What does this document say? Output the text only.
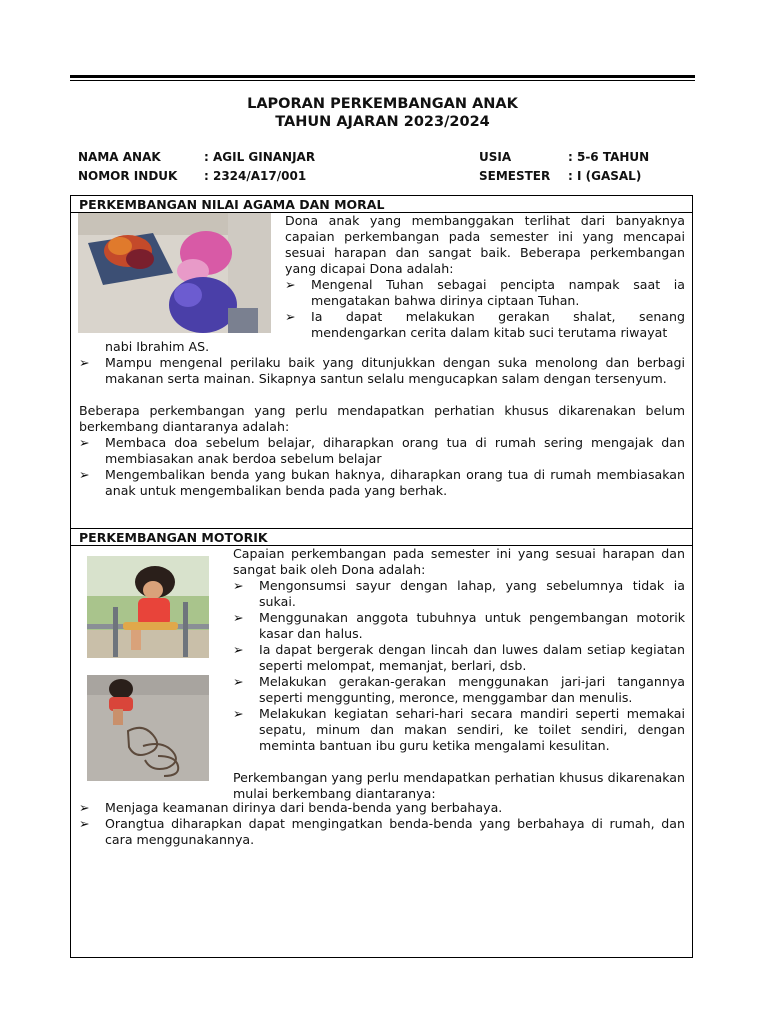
LAPORAN PERKEMBANGAN ANAK
TAHUN AJARAN 2023/2024
NAMA ANAK	: AGIL GINANJAR
NOMOR INDUK : 2324/A17/001
USIA	: 5-6 TAHUN
SEMESTER : I (GASAL)
PERKEMBANGAN NILAI AGAMA DAN MORAL

Dona anak yang membanggakan terlihat dari banyaknya capaian perkembangan pada semester ini yang mencapai sesuai harapan dan sangat baik. Beberapa perkembangan yang dicapai Dona adalah:

➢ Mengenal Tuhan sebagai pencipta nampak saat ia mengatakan bahwa dirinya ciptaan Tuhan.
➢ Ia dapat melakukan gerakan shalat, senang mendengarkan cerita dalam kitab suci terutama riwayat

nabi Ibrahim AS.

➢ Mampu mengenal perilaku baik yang ditunjukkan dengan suka menolong dan berbagi makanan serta mainan. Sikapnya santun selalu mengucapkan salam dengan tersenyum.

Beberapa perkembangan yang perlu mendapatkan perhatian khusus dikarenakan belum berkembang diantaranya adalah:

➢ Membaca doa sebelum belajar, diharapkan orang tua di rumah sering mengajak dan membiasakan anak berdoa sebelum belajar
➢ Mengembalikan benda yang bukan haknya, diharapkan orang tua di rumah membiasakan anak untuk mengembalikan benda pada yang berhak.
PERKEMBANGAN MOTORIK

Capaian perkembangan pada semester ini yang sesuai harapan dan sangat baik oleh Dona adalah:

➢ Mengonsumsi sayur dengan lahap, yang sebelumnya tidak ia sukai.
➢ Menggunakan anggota tubuhnya untuk pengembangan motorik kasar dan halus.
➢ Ia dapat bergerak dengan lincah dan luwes dalam setiap kegiatan seperti melompat, memanjat, berlari, dsb.
➢ Melakukan gerakan-gerakan menggunakan jari-jari tangannya seperti menggunting, meronce, menggambar dan menulis.
➢ Melakukan kegiatan sehari-hari secara mandiri seperti memakai sepatu, minum dan makan sendiri, ke toilet sendiri, dengan meminta bantuan ibu guru ketika mengalami kesulitan.

Perkembangan yang perlu mendapatkan perhatian khusus dikarenakan mulai berkembang diantaranya:

➢ Menjaga keamanan dirinya dari benda-benda yang berbahaya.
➢ Orangtua diharapkan dapat mengingatkan benda-benda yang berbahaya di rumah, dan cara menggunakannya.
